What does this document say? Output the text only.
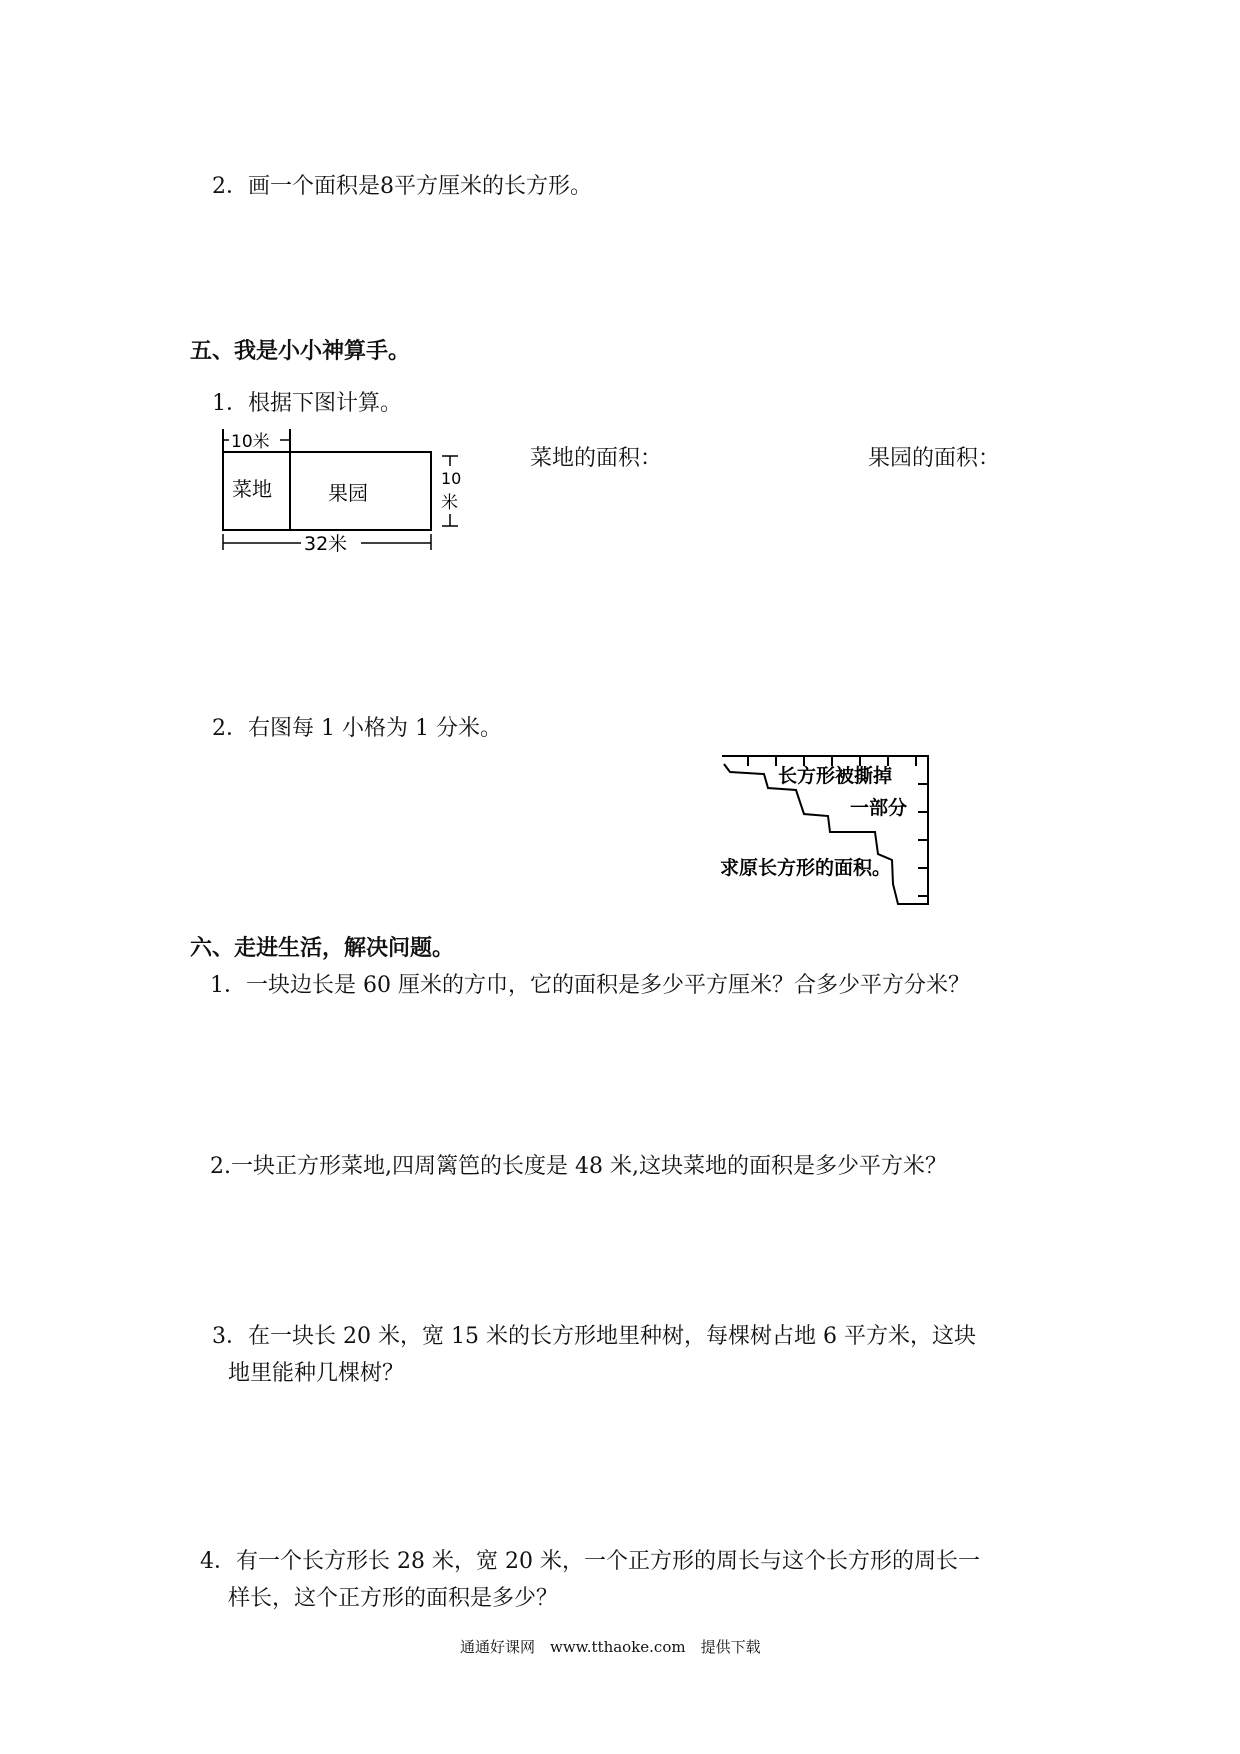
2．画一个面积是8平方厘米的长方形。
五、我是小小神算手。
1．根据下图计算。
10米
菜地	果园
10
米
32米
菜地的面积：	果园的面积：
2．右图每 1 小格为 1 分米。
长方形被撕掉
一部分
求原长方形的面积。
六、走进生活，解决问题。
1．一块边长是 60 厘米的方巾，它的面积是多少平方厘米？合多少平方分米？
2.一块正方形菜地,四周篱笆的长度是 48 米,这块菜地的面积是多少平方米？
3．在一块长 20 米，宽 15 米的长方形地里种树，每棵树占地 6 平方米，这块
地里能种几棵树？
4．有一个长方形长 28 米，宽 20 米，一个正方形的周长与这个长方形的周长一
样长，这个正方形的面积是多少？
通通好课网　www.tthaoke.com　提供下载
